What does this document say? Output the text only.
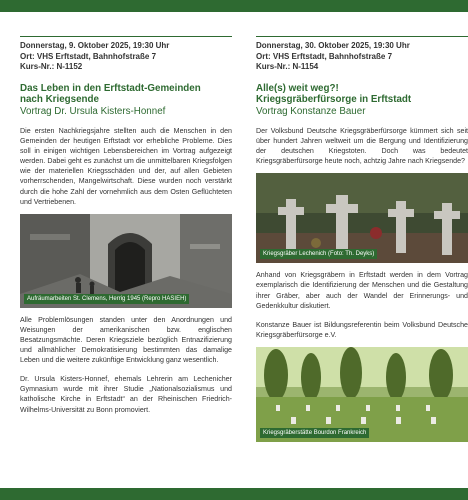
Donnerstag, 9. Oktober 2025, 19:30 Uhr
Ort: VHS Erftstadt, Bahnhofstraße 7
Kurs-Nr.: N-1152
Das Leben in den Erftstadt-Gemeinden
nach Kriegsende
Vortrag Dr. Ursula Kisters-Honnef
Die ersten Nachkriegsjahre stellten auch die Menschen in den Gemeinden der heutigen Erftstadt vor erhebliche Probleme. Dies soll in einigen wichtigen Lebensbereichen im Vortrag aufgezeigt werden. Dabei geht es zunächst um die unmittelbaren Kriegsfolgen wie der materiellen Kriegsschäden und der, auf allen Gebieten vorherrschenden, Mangelwirtschaft. Diese wurden noch verstärkt durch die hohe Zahl der vornehmlich aus dem Osten Geflüchteten und Vertriebenen.
Aufräumarbeiten St. Clemens, Herrig 1945 (Repro HASIEH)
Alle Problemlösungen standen unter den Anordnungen und Weisungen der amerikanischen bzw. englischen Besatzungsmächte. Deren Kriegsziele bezüglich Entnazifizierung und allmählicher Demokratisierung bestimmten das damalige Leben und die weitere zukünftige Entwicklung ganz wesentlich.
Dr. Ursula Kisters-Honnef, ehemals Lehrerin am Lechenicher Gymnasium wurde mit ihrer Studie „Nationalsozialismus und katholische Kirche in Erftstadt“ an der Rheinischen Friedrich-Wilhelms-Universität zu Bonn promoviert.
Donnerstag, 30. Oktober 2025, 19:30 Uhr
Ort: VHS Erftstadt, Bahnhofstraße 7
Kurs-Nr.: N-1154
Alle(s) weit weg?!
Kriegsgräberfürsorge in Erftstadt
Vortrag Konstanze Bauer
Der Volksbund Deutsche Kriegsgräberfürsorge kümmert sich seit über hundert Jahren weltweit um die Bergung und Identifizierung der deutschen Kriegstoten. Doch was bedeutet Kriegsgräberfürsorge heute noch, achtzig Jahre nach Kriegsende?
Kriegsgräber Lechenich (Foto: Th. Deyks)
Anhand von Kriegsgräbern in Erftstadt werden in dem Vortrag exemplarisch die Identifizierung der Menschen und die Gestaltung ihrer Gräber, aber auch der Wandel der Erinnerungs- und Gedenkkultur diskutiert.
Konstanze Bauer ist Bildungsreferentin beim Volksbund Deutsche Kriegsgräberfürsorge e.V.
Kriegsgräberstätte Bourdon Frankreich
